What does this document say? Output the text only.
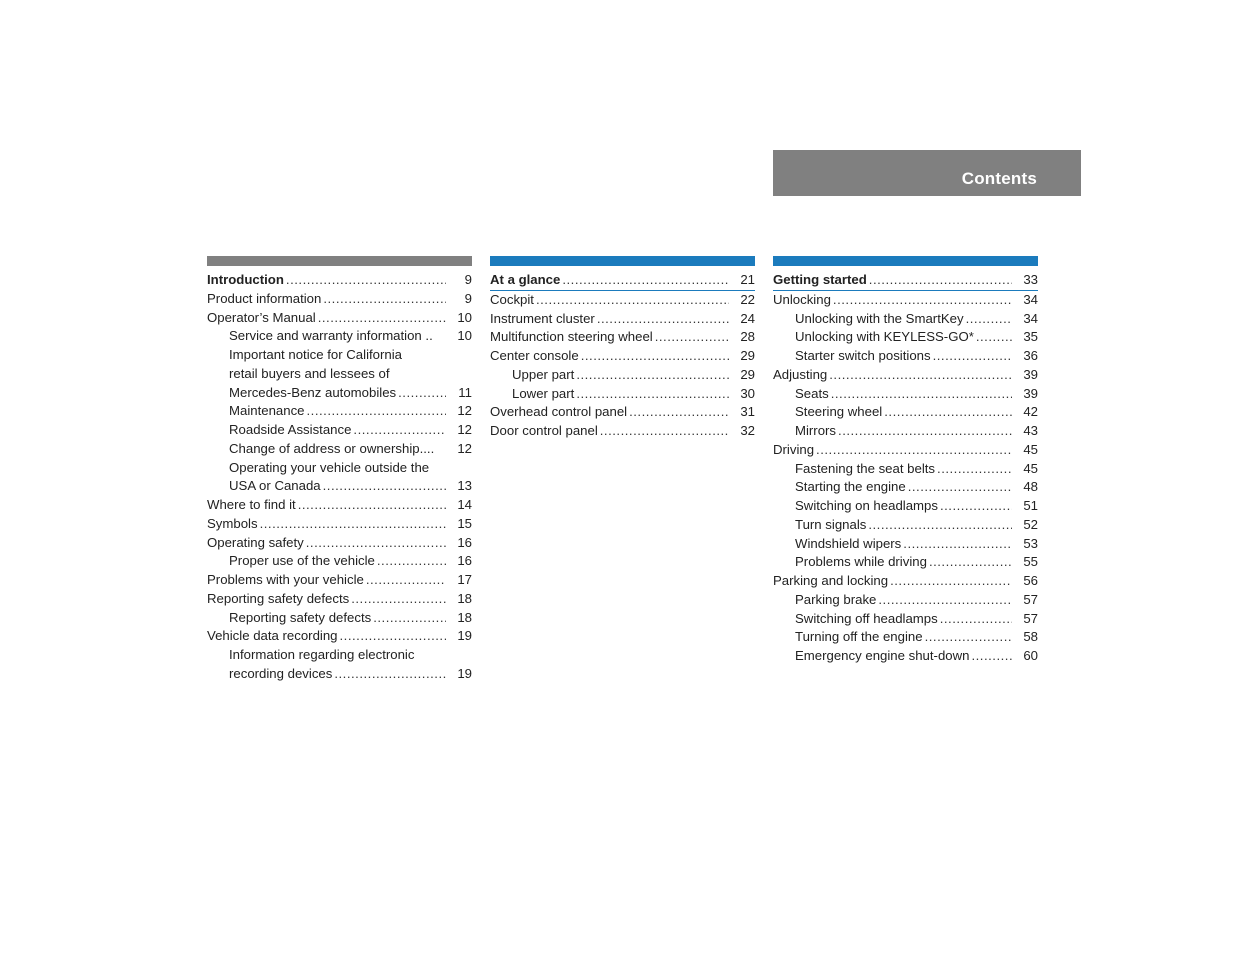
Contents
Introduction .....	9
Product information .....	9
Operator’s Manual .....	10
Service and warranty information ..	10
Important notice for California
retail buyers and lessees of
Mercedes-Benz automobiles .....	11
Maintenance .....	12
Roadside Assistance .....	12
Change of address or ownership....	12
Operating your vehicle outside the
USA or Canada .....	13
Where to find it .....	14
Symbols .....	15
Operating safety .....	16
Proper use of the vehicle .....	16
Problems with your vehicle .....	17
Reporting safety defects .....	18
Reporting safety defects .....	18
Vehicle data recording .....	19
Information regarding electronic
recording devices .....	19
At a glance .....	21
Cockpit .....	22
Instrument cluster .....	24
Multifunction steering wheel .....	28
Center console .....	29
Upper part .....	29
Lower part .....	30
Overhead control panel .....	31
Door control panel .....	32
Getting started .....	33
Unlocking .....	34
Unlocking with the SmartKey .....	34
Unlocking with KEYLESS-GO* .....	35
Starter switch positions .....	36
Adjusting .....	39
Seats .....	39
Steering wheel .....	42
Mirrors .....	43
Driving .....	45
Fastening the seat belts .....	45
Starting the engine .....	48
Switching on headlamps .....	51
Turn signals .....	52
Windshield wipers .....	53
Problems while driving .....	55
Parking and locking .....	56
Parking brake .....	57
Switching off headlamps .....	57
Turning off the engine .....	58
Emergency engine shut-down .....	60
